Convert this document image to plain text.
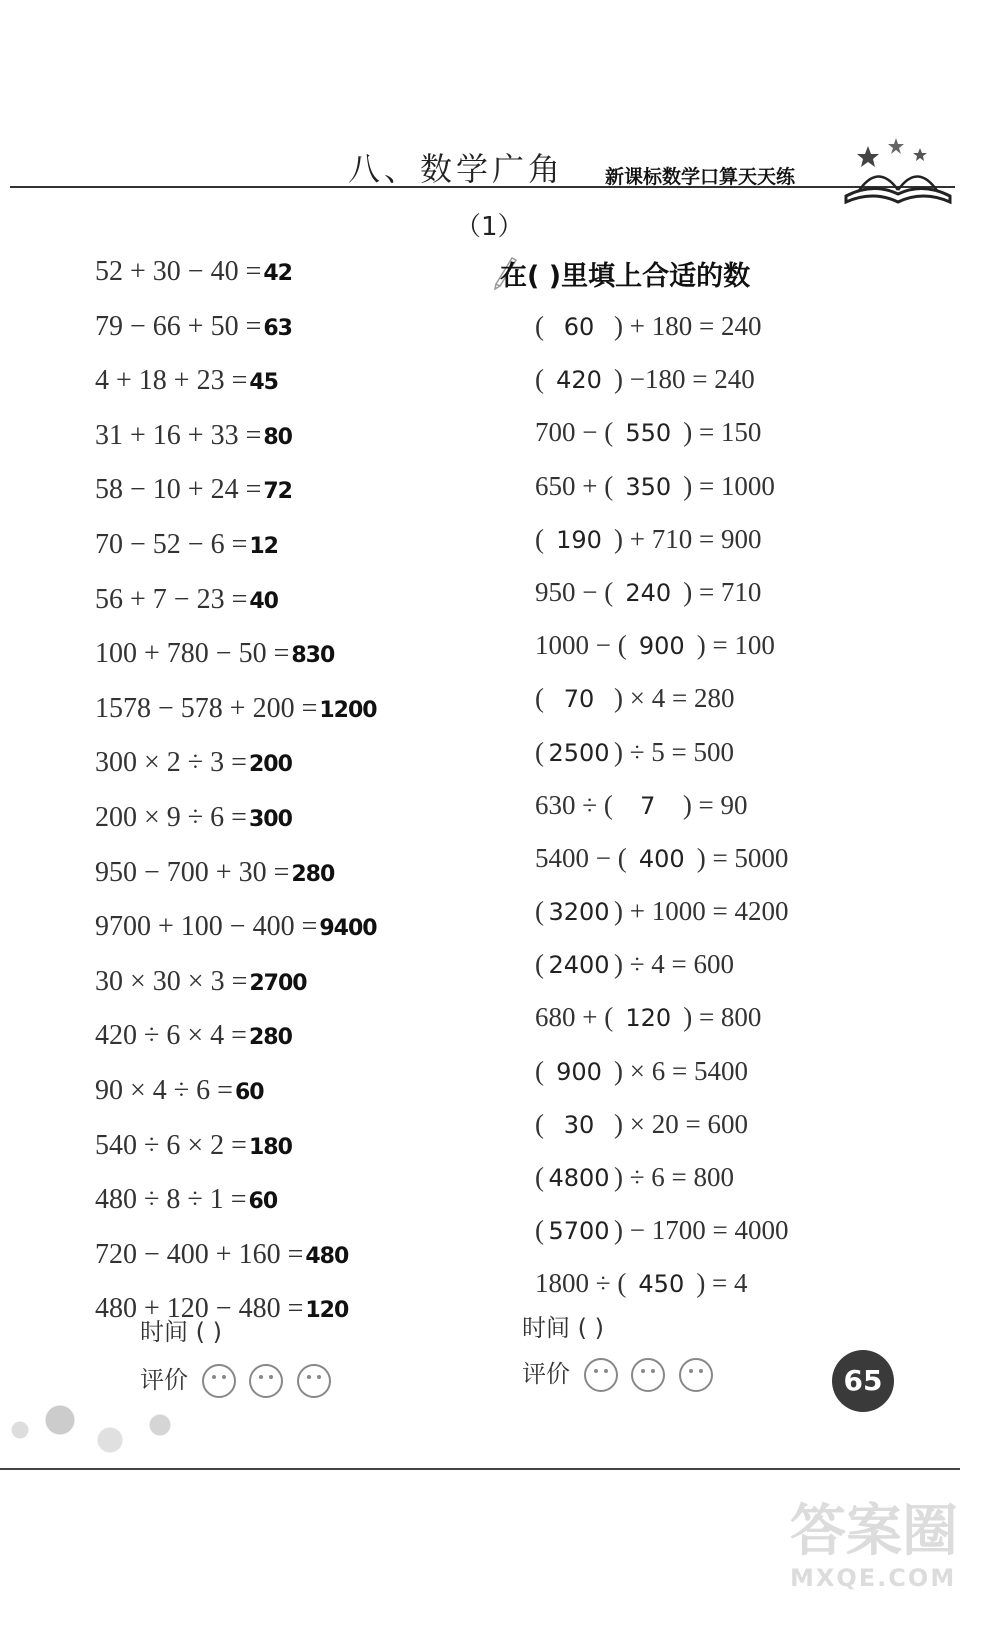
八、数学广角 新课标数学口算天天练
（1）
52 + 30 − 40 =42
79 − 66 + 50 =63
4 + 18 + 23 =45
31 + 16 + 33 =80
58 − 10 + 24 =72
70 − 52 − 6 =12
56 + 7 − 23 =40
100 + 780 − 50 =830
1578 − 578 + 200 =1200
300 × 2 ÷ 3 =200
200 × 9 ÷ 6 =300
950 − 700 + 30 =280
9700 + 100 − 400 =9400
30 × 30 × 3 =2700
420 ÷ 6 × 4 =280
90 × 4 ÷ 6 =60
540 ÷ 6 × 2 =180
480 ÷ 8 ÷ 1 =60
720 − 400 + 160 =480
480 + 120 − 480 =120
在( )里填上合适的数
( 60 ) + 180 = 240
( 420 ) −180 = 240
700 − ( 550 ) = 150
650 + ( 350 ) = 1000
( 190 ) + 710 = 900
950 − ( 240 ) = 710
1000 − ( 900 ) = 100
( 70 ) × 4 = 280
( 2500 ) ÷ 5 = 500
630 ÷ ( 7 ) = 90
5400 − ( 400 ) = 5000
( 3200 ) + 1000 = 4200
( 2400 ) ÷ 4 = 600
680 + ( 120 ) = 800
( 900 ) × 6 = 5400
( 30 ) × 20 = 600
( 4800 ) ÷ 6 = 800
( 5700 ) − 1700 = 4000
1800 ÷ ( 450 ) = 4
时间 ( )
评价
时间 ( )
评价	65
答案圈
MXQE.COM
